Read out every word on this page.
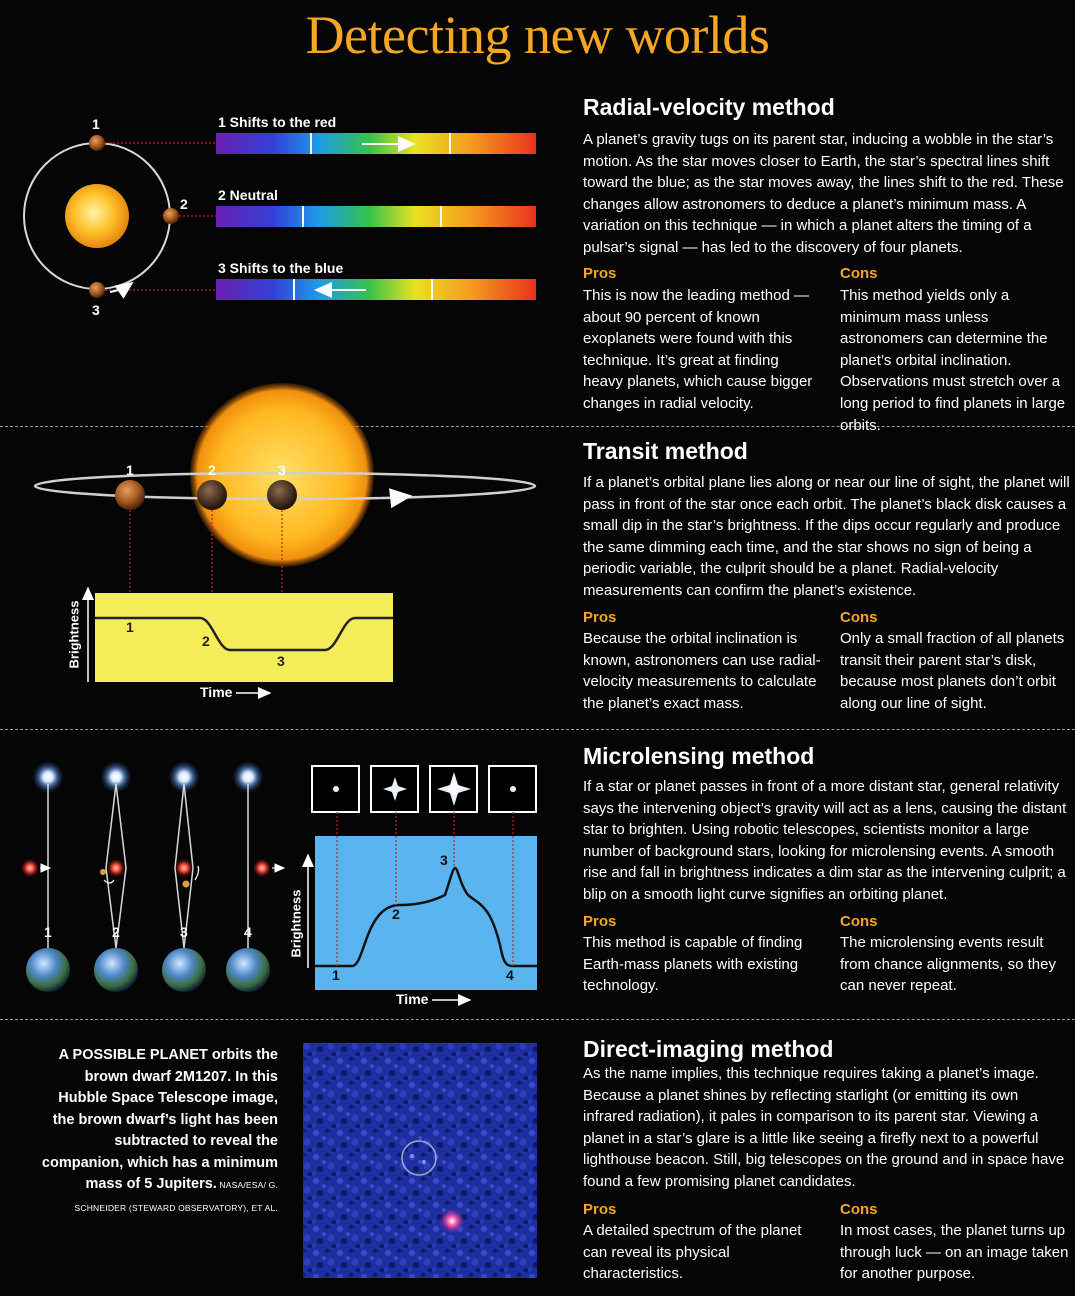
Detecting new worlds
1
2
3
1 Shifts to the red
2 Neutral
3 Shifts to the blue
1	2	3
1
2
3
Brightness
Time
1	2	3	4
1
2
3
4
Brightness
Time
Radial-velocity method
A planet’s gravity tugs on its parent star, inducing a wobble in the star’s motion. As the star moves closer to Earth, the star’s spectral lines shift toward the blue; as the star moves away, the lines shift to the red. These changes allow astronomers to deduce a planet’s minimum mass. A variation on this technique — in which a planet alters the timing of a pulsar’s signal — has led to the discovery of four planets.
Pros
This is now the leading method — about 90 percent of known exoplanets were found with this technique. It’s great at finding heavy planets, which cause bigger changes in radial velocity.
Cons
This method yields only a minimum mass unless astronomers can determine the planet’s orbital inclination. Observations must stretch over a long period to find planets in large orbits.
Transit method
If a planet’s orbital plane lies along or near our line of sight, the planet will pass in front of the star once each orbit. The planet’s black disk causes a small dip in the star’s brightness. If the dips occur regularly and produce the same dimming each time, and the star shows no sign of being a periodic variable, the culprit should be a planet. Radial-velocity measurements can confirm the planet’s existence.
Pros
Because the orbital inclination is known, astronomers can use radial-velocity measurements to calculate the planet’s exact mass.
Cons
Only a small fraction of all planets transit their parent star’s disk, because most planets don’t orbit along our line of sight.
Microlensing method
If a star or planet passes in front of a more distant star, general relativity says the intervening object’s gravity will act as a lens, causing the distant star to brighten. Using robotic telescopes, scientists monitor a large number of background stars, looking for microlensing events. A smooth rise and fall in brightness indicates a dim star as the intervening culprit; a blip on a smooth light curve signifies an orbiting planet.
Pros
This method is capable of finding Earth-mass planets with existing technology.
Cons
The microlensing events result from chance alignments, so they can never repeat.
Direct-imaging method
As the name implies, this technique requires taking a planet’s image. Because a planet shines by reflecting starlight (or emitting its own infrared radiation), it pales in comparison to its parent star. Viewing a planet in a star’s glare is a little like seeing a firefly next to a powerful lighthouse beacon. Still, big telescopes on the ground and in space have found a few promising planet candidates.
Pros
A detailed spectrum of the planet can reveal its physical characteristics.
Cons
In most cases, the planet turns up through luck — on an image taken for another purpose.
A POSSIBLE PLANET orbits the brown dwarf 2M1207. In this Hubble Space Telescope image, the brown dwarf’s light has been subtracted to reveal the companion, which has a minimum mass of 5 Jupiters. NASA/ESA/ G. SCHNEIDER (STEWARD OBSERVATORY), ET AL.
